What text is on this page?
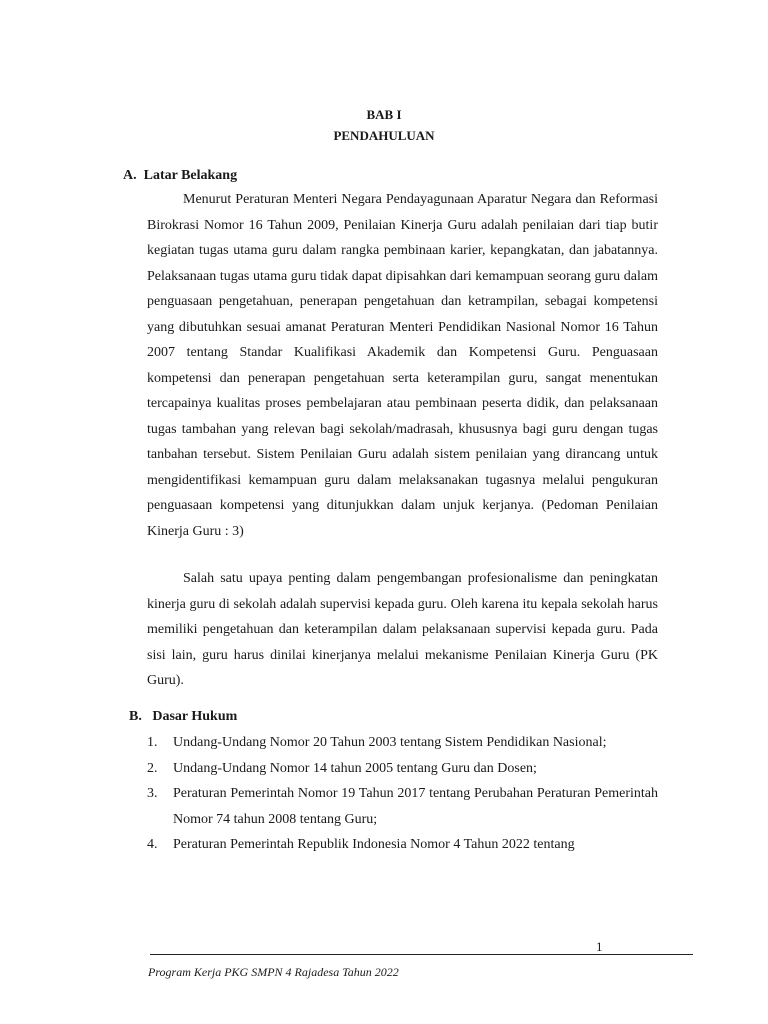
BAB I
PENDAHULUAN
A.  Latar Belakang

Menurut Peraturan Menteri Negara Pendayagunaan Aparatur Negara dan Reformasi Birokrasi Nomor 16 Tahun 2009, Penilaian Kinerja Guru adalah penilaian dari tiap butir kegiatan tugas utama guru dalam rangka pembinaan karier, kepangkatan, dan jabatannya. Pelaksanaan tugas utama guru tidak dapat dipisahkan dari kemampuan seorang guru dalam penguasaan pengetahuan, penerapan pengetahuan dan ketrampilan, sebagai kompetensi yang dibutuhkan sesuai amanat Peraturan Menteri Pendidikan Nasional Nomor 16 Tahun 2007 tentang Standar Kualifikasi Akademik dan Kompetensi Guru. Penguasaan kompetensi dan penerapan pengetahuan serta keterampilan guru, sangat menentukan tercapainya kualitas proses pembelajaran atau pembinaan peserta didik, dan pelaksanaan tugas tambahan yang relevan bagi sekolah/madrasah, khususnya bagi guru dengan tugas tanbahan tersebut. Sistem Penilaian Guru adalah sistem penilaian yang dirancang untuk mengidentifikasi kemampuan guru dalam melaksanakan tugasnya melalui pengukuran penguasaan kompetensi yang ditunjukkan dalam unjuk kerjanya. (Pedoman Penilaian Kinerja Guru : 3)

Salah satu upaya penting dalam pengembangan profesionalisme dan peningkatan kinerja guru di sekolah adalah supervisi kepada guru. Oleh karena itu kepala sekolah harus memiliki pengetahuan dan keterampilan dalam pelaksanaan supervisi kepada guru. Pada sisi lain, guru harus dinilai kinerjanya melalui mekanisme Penilaian Kinerja Guru (PK Guru).

B.   Dasar Hukum
1.	Undang-Undang Nomor 20 Tahun 2003 tentang Sistem Pendidikan Nasional;
2.	Undang-Undang Nomor 14 tahun 2005 tentang Guru dan Dosen;
3.	Peraturan Pemerintah Nomor 19 Tahun 2017 tentang Perubahan Peraturan Pemerintah Nomor 74 tahun 2008 tentang Guru;
4.	Peraturan Pemerintah Republik Indonesia Nomor 4 Tahun 2022 tentang
1
Program Kerja PKG SMPN 4 Rajadesa Tahun 2022
